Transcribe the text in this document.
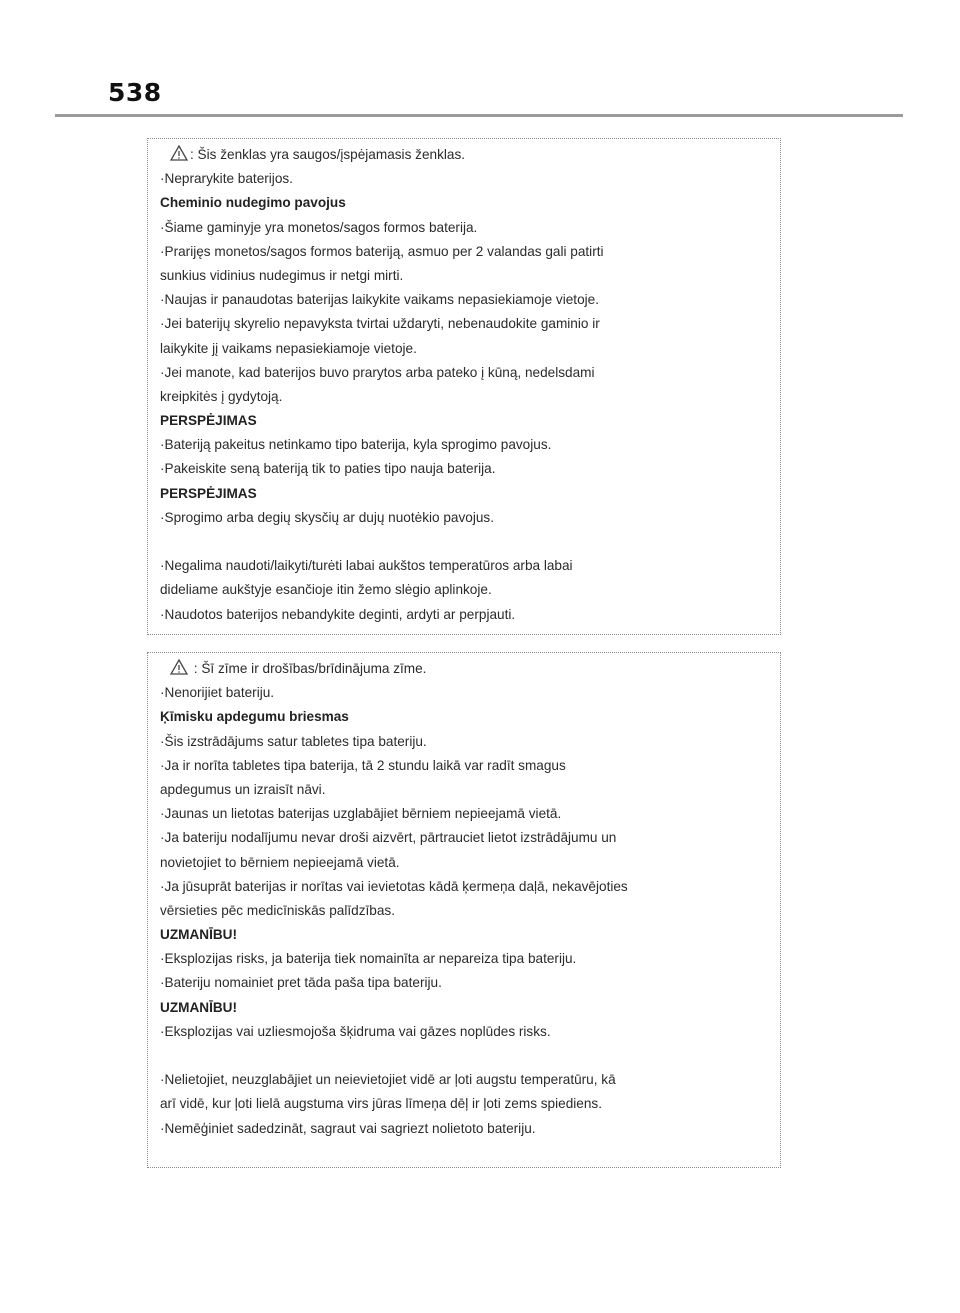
538
: Šis ženklas yra saugos/įspėjamasis ženklas.
·Neprarykite baterijos.
Cheminio nudegimo pavojus
·Šiame gaminyje yra monetos/sagos formos baterija.
·Prarijęs monetos/sagos formos bateriją, asmuo per 2 valandas gali patirti
sunkius vidinius nudegimus ir netgi mirti.
·Naujas ir panaudotas baterijas laikykite vaikams nepasiekiamoje vietoje.
·Jei baterijų skyrelio nepavyksta tvirtai uždaryti, nebenaudokite gaminio ir
laikykite jį vaikams nepasiekiamoje vietoje.
·Jei manote, kad baterijos buvo prarytos arba pateko į kūną, nedelsdami
kreipkitės į gydytoją.
PERSPĖJIMAS
·Bateriją pakeitus netinkamo tipo baterija, kyla sprogimo pavojus.
·Pakeiskite seną bateriją tik to paties tipo nauja baterija.
PERSPĖJIMAS
·Sprogimo arba degių skysčių ar dujų nuotėkio pavojus.
·Negalima naudoti/laikyti/turėti labai aukštos temperatūros arba labai
dideliame aukštyje esančioje itin žemo slėgio aplinkoje.
·Naudotos baterijos nebandykite deginti, ardyti ar perpjauti.
: Šī zīme ir drošības/brīdinājuma zīme.
·Nenorijiet bateriju.
Ķīmisku apdegumu briesmas
·Šis izstrādājums satur tabletes tipa bateriju.
·Ja ir norīta tabletes tipa baterija, tā 2 stundu laikā var radīt smagus
apdegumus un izraisīt nāvi.
·Jaunas un lietotas baterijas uzglabājiet bērniem nepieejamā vietā.
·Ja bateriju nodalījumu nevar droši aizvērt, pārtrauciet lietot izstrādājumu un
novietojiet to bērniem nepieejamā vietā.
·Ja jūsuprāt baterijas ir norītas vai ievietotas kādā ķermeņa daļā, nekavējoties
vērsieties pēc medicīniskās palīdzības.
UZMANĪBU!
·Eksplozijas risks, ja baterija tiek nomainīta ar nepareiza tipa bateriju.
·Bateriju nomainiet pret tāda paša tipa bateriju.
UZMANĪBU!
·Eksplozijas vai uzliesmojoša šķidruma vai gāzes noplūdes risks.
·Nelietojiet, neuzglabājiet un neievietojiet vidē ar ļoti augstu temperatūru, kā
arī vidē, kur ļoti lielā augstuma virs jūras līmeņa dēļ ir ļoti zems spiediens.
·Nemēģiniet sadedzināt, sagraut vai sagriezt nolietoto bateriju.
